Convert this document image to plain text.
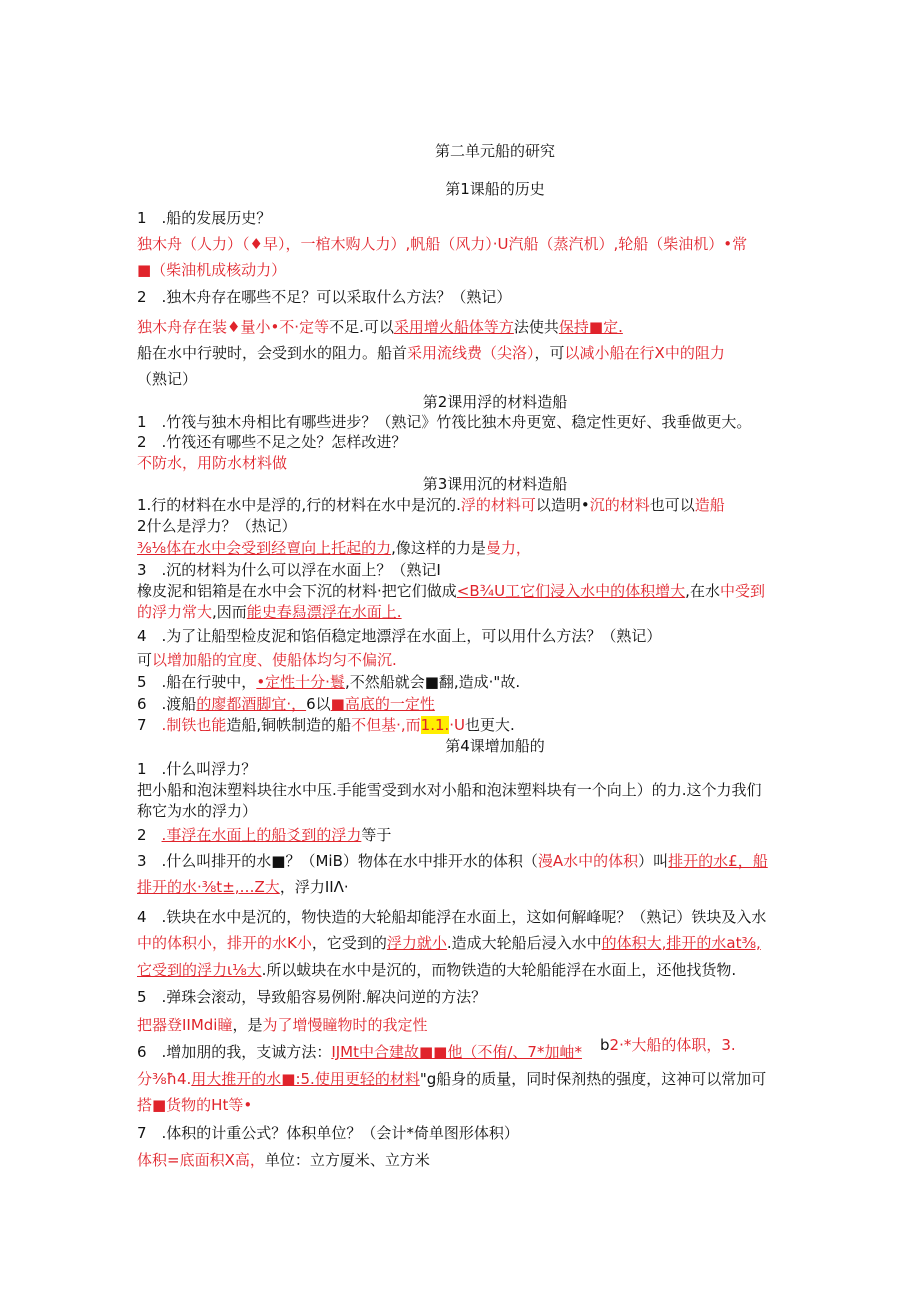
第二单元船的研究
第1课船的历史
1　.船的发展历史？
独木舟（人力）（♦早），一棺木购人力）,帆船（风力）·U汽船（蒸汽机）,轮船（柴油机）•常
■（柴油机成核动力）
2　.独木舟存在哪些不足？可以采取什么方法？（熟记）
独木舟存在装♦量小•不·定等不足.可以采用增火船体等方法使共保持■定.
船在水中行驶时，会受到水的阻力。船首采用流线费（尖洛），可以减小船在行X中的阻力
（熟记）
第2课用浮的材料造船
1　.竹筏与独木舟相比有哪些进步？（熟记》竹筏比独木舟更宽、稳定性更好、我垂做更大。
2　.竹筏还有哪些不足之处？怎样改进？
不防水，用防水材料做
第3课用沉的材料造船
1.行的材料在水中是浮的,行的材料在水中是沉的.浮的材料可以造明•沉的材料也可以造船
2什么是浮力？（热记）
⅜⅛体在水中会受到经亶向上托起的力,像这样的力是曼力，
3　.沉的材料为什么可以浮在水面上？（熟记I
橡皮泥和铝箱是在水中会下沉的材料·把它们做成<B¾U工它们浸入水中的体积增大,在水中受到
的浮力常大,因而能史春舄漂浮在水面上.
4　.为了让船型检皮泥和馅佰稳定地漂浮在水面上，可以用什么方法？（熟记）
可以增加船的宜度、使船体均匀不偏沉.
5　.船在行驶中，•定性十分·鬟,不然船就会■翻,造成·"故.
6　.渡船的廖都酒脚宜·，6以■高底的一定性
7　.制铁也能造船,铜帙制造的船不但基·,而1.1.·U也更大.
第4课增加船的
1　.什么叫浮力？
把小船和泡沫塑料块往水中压.手能雪受到水对小船和泡沫塑料块有一个向上）的力.这个力我们
称它为水的浮力）
2　.事浮在水面上的船爻到的浮力等于
3　.什么叫排开的水■？（MiB）物体在水中排开水的体积（漫A水中的体积）叫排开的水£，船
排开的水·⅜t±,…Z大，浮力IIΛ·
4　.铁块在水中是沉的，物快造的大轮船却能浮在水面上，这如何解峰呢？（熟记）铁块及入水
中的体积小，排开的水K小，它受到的浮力就小.造成大轮船后浸入水中的体积大,排开的水at⅜,
它受到的浮力ι⅛大.所以蛂块在水中是沉的，而物铁造的大轮船能浮在水面上，还他找货物.
5　.弹珠会滚动，导致船容易例附.解决问逆的方法？
把器登IIMdi瞳，是为了增慢瞳物时的我定性
6　.增加朋的我，支诚方法：IJMt中合建故■■他（不侑/、7*加岫* b2·*大船的体职，3.
分⅜ħ4.用大推开的水■:5.使用更轻的材料"g船身的质量，同时保剂热的强度，这神可以常加可
搭■货物的Ht等•
7　.体积的计重公式？体积单位？（会计*倚单图形体积）
体积=底面积X高，单位：立方厦米、立方米
